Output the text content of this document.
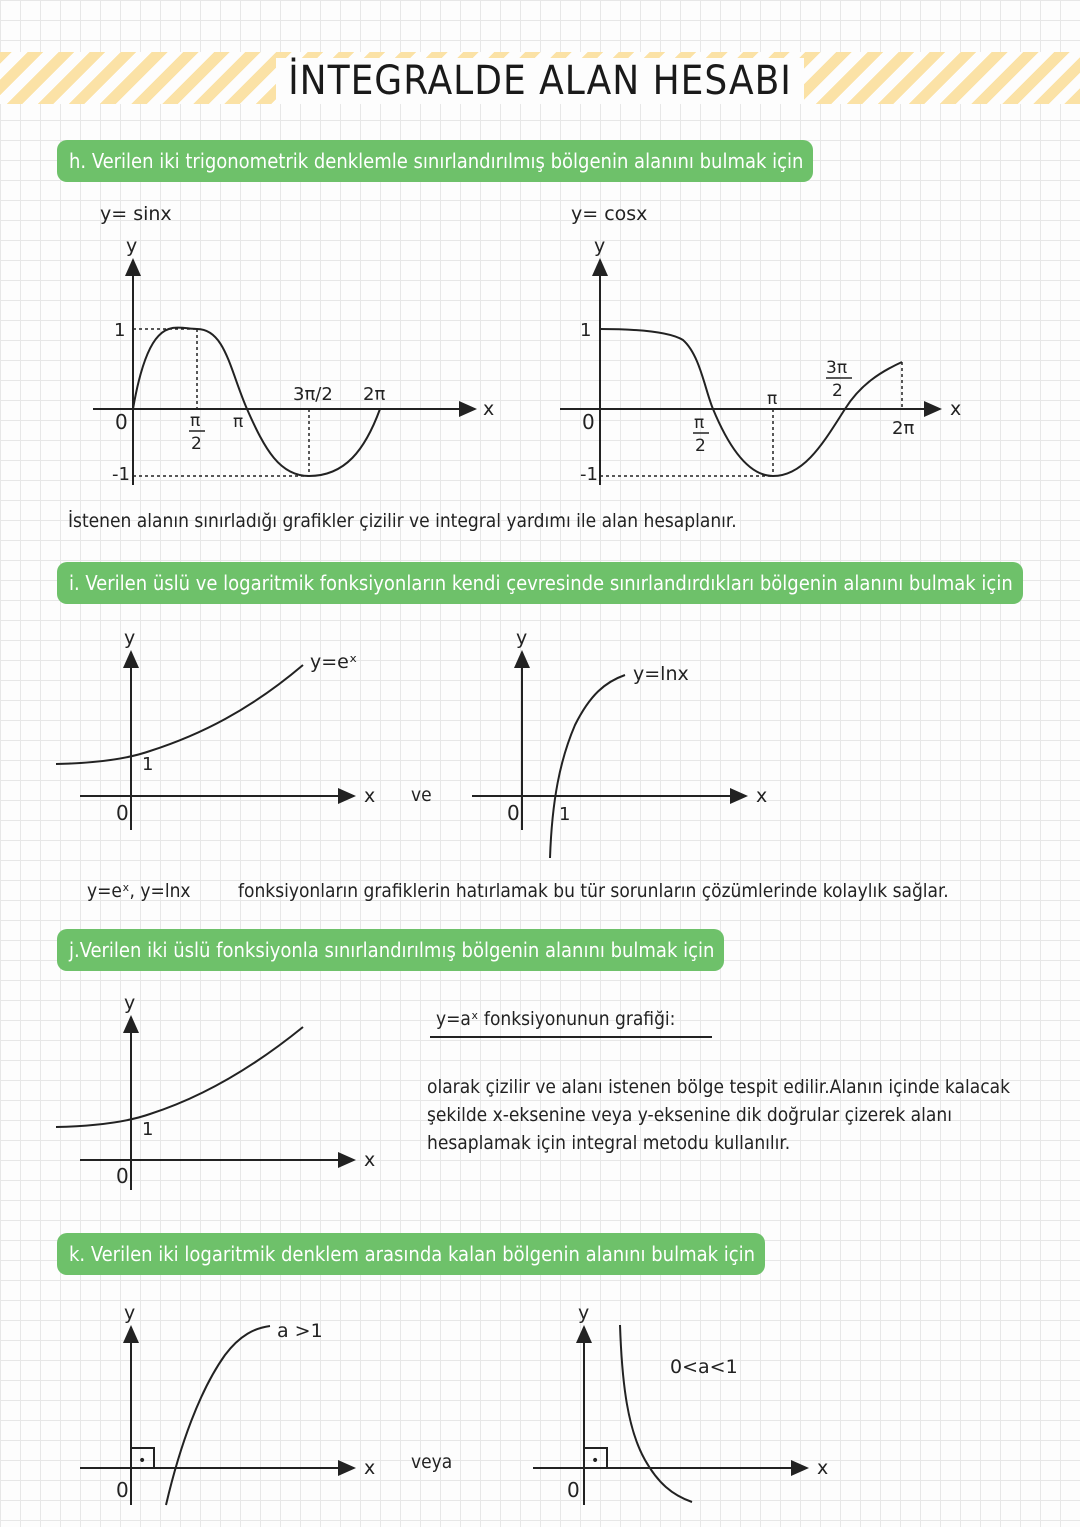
İNTEGRALDE ALAN HESABI
h. Verilen iki trigonometrik denklemle sınırlandırılmış bölgenin alanını bulmak için
y= sinx
y
x
1
0
-1
π
2
π
3π/2 2π
y= cosx
y
x
1
0
-1
π
2
π
3π
2
2π
İstenen alanın sınırladığı grafikler çizilir ve integral yardımı ile alan hesaplanır.
i. Verilen üslü ve logaritmik fonksiyonların kendi çevresinde sınırlandırdıkları bölgenin alanını bulmak için
y
x
0
1
y=eˣ
ve
y
x
0 1
y=lnx
y=eˣ, y=lnx fonksiyonların grafiklerin hatırlamak bu tür sorunların çözümlerinde kolaylık sağlar.
j.Verilen iki üslü fonksiyonla sınırlandırılmış bölgenin alanını bulmak için
y
x
0
1
y=aˣ fonksiyonunun grafiği:
olarak çizilir ve alanı istenen bölge tespit edilir.Alanın içinde kalacak
şekilde x-eksenine veya y-eksenine dik doğrular çizerek alanı
hesaplamak için integral metodu kullanılır.
k. Verilen iki logaritmik denklem arasında kalan bölgenin alanını bulmak için
y
x
0
•
a >1
veya
y
x
0
•
0<a<1
